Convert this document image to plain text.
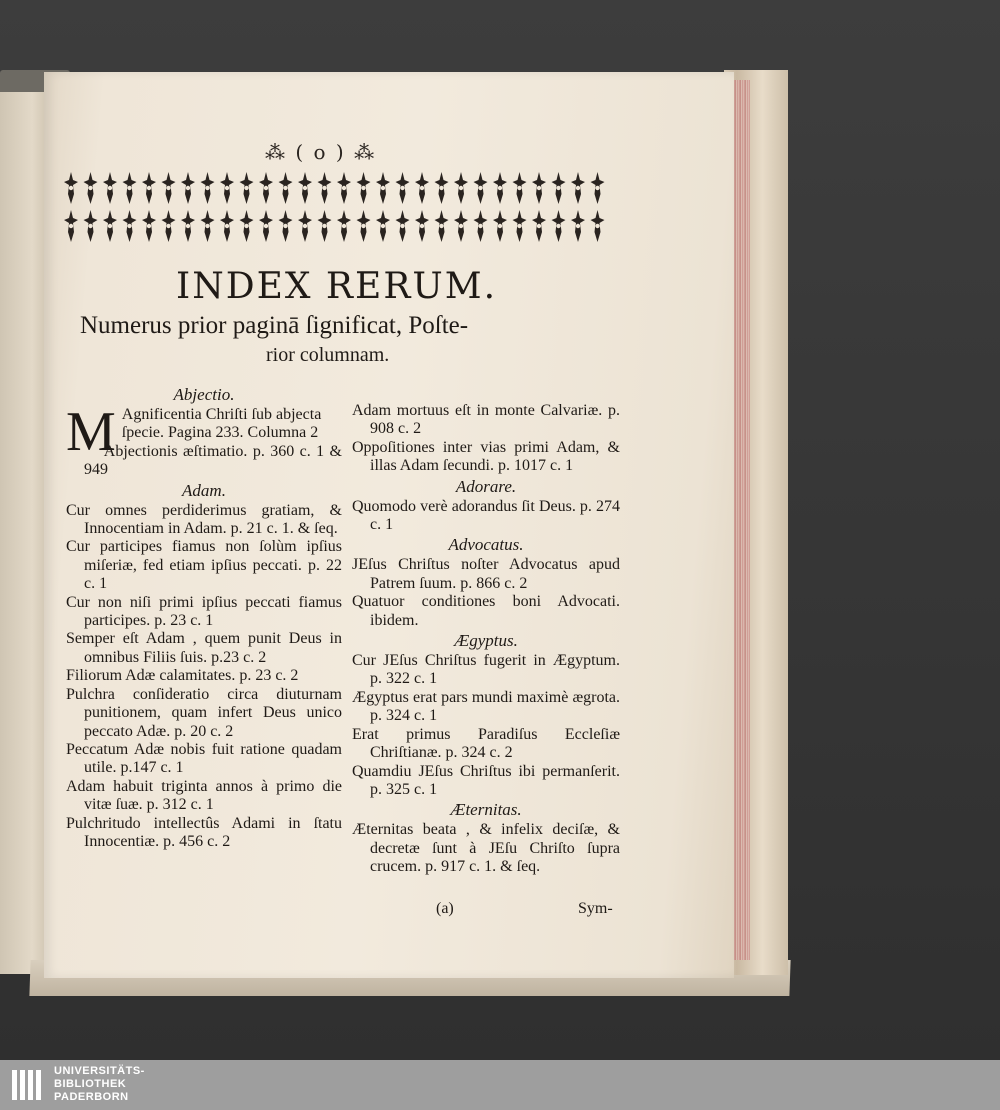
⁂ ( o ) ⁂
INDEX RERUM.
Numerus prior paginā ſignificat, Poſte-
rior columnam.
Abjectio.
M Agnificentia Chriſti ſub abjecta ſpecie. Pagina 233. Columna 2
Abjectionis æſtimatio. p. 360 c. 1 & 949
Adam.
Cur omnes perdiderimus gratiam, & Innocentiam in Adam. p. 21 c. 1. & ſeq.
Cur participes fiamus non ſolùm ipſius miſeriæ, fed etiam ipſius peccati. p. 22 c. 1
Cur non niſi primi ipſius peccati fiamus participes. p. 23 c. 1
Semper eſt Adam , quem punit Deus in omnibus Filiis ſuis. p.23 c. 2
Filiorum Adæ calamitates. p. 23 c. 2
Pulchra conſideratio circa diuturnam punitionem, quam infert Deus unico peccato Adæ. p. 20 c. 2
Peccatum Adæ nobis fuit ratione quadam utile. p.147 c. 1
Adam habuit triginta annos à primo die vitæ ſuæ. p. 312 c. 1
Pulchritudo intellectûs Adami in ſtatu Innocentiæ. p. 456 c. 2
Adam mortuus eſt in monte Calvariæ. p. 908 c. 2
Oppoſitiones inter vias primi Adam, & illas Adam ſecundi. p. 1017 c. 1
Adorare.
Quomodo verè adorandus ſit Deus. p. 274 c. 1
Advocatus.
JEſus Chriſtus noſter Advocatus apud Patrem ſuum. p. 866 c. 2
Quatuor conditiones boni Advocati. ibidem.
Ægyptus.
Cur JEſus Chriſtus fugerit in Ægyptum. p. 322 c. 1
Ægyptus erat pars mundi maximè ægrota. p. 324 c. 1
Erat primus Paradiſus Eccleſiæ Chriſtianæ. p. 324 c. 2
Quamdiu JEſus Chriſtus ibi permanſerit. p. 325 c. 1
Æternitas.
Æternitas beata , & infelix deciſæ, & decretæ ſunt à JEſu Chriſto ſupra crucem. p. 917 c. 1. & ſeq.
(a)	Sym-
UNIVERSITÄTS-
BIBLIOTHEK
PADERBORN
